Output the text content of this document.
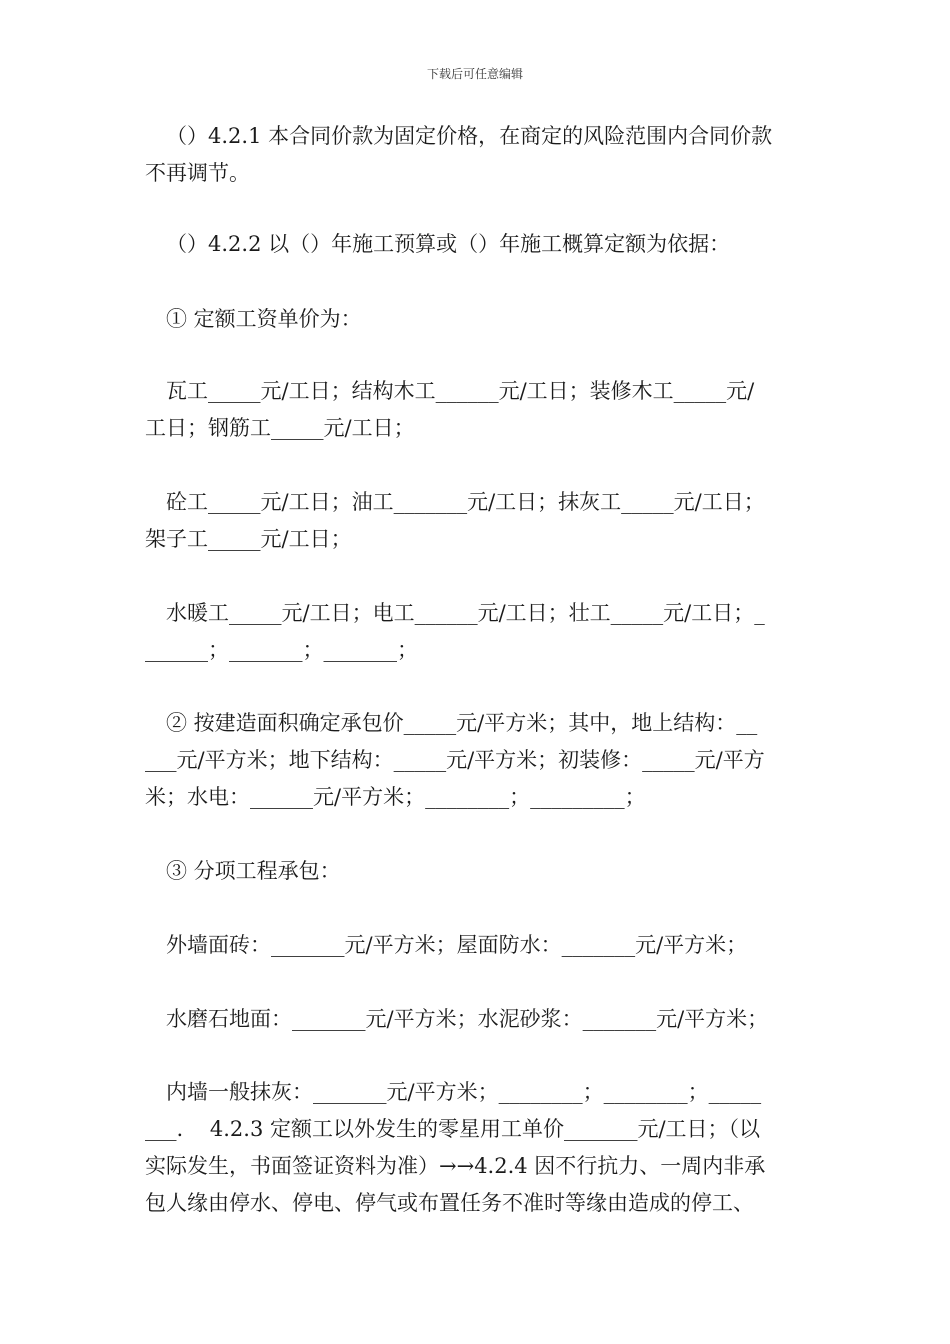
下载后可任意编辑
（）4.2.1 本合同价款为固定价格，在商定的风险范围内合同价款
不再调节。
（）4.2.2 以（）年施工预算或（）年施工概算定额为依据：
① 定额工资单价为：
瓦工_____元/工日；结构木工______元/工日；装修木工_____元/
工日；钢筋工_____元/工日；
砼工_____元/工日；油工_______元/工日；抹灰工_____元/工日；
架子工_____元/工日；
水暖工_____元/工日；电工______元/工日；壮工_____元/工日；_
______；_______；_______；
② 按建造面积确定承包价_____元/平方米；其中，地上结构：__
___元/平方米；地下结构：_____元/平方米；初装修：_____元/平方
米；水电：______元/平方米；________；_________；
③ 分项工程承包：
外墙面砖：_______元/平方米；屋面防水：_______元/平方米；
水磨石地面：_______元/平方米；水泥砂浆：_______元/平方米；
内墙一般抹灰：_______元/平方米；________；________；_____
___.    4.2.3 定额工以外发生的零星用工单价_______元/工日；（以
实际发生，书面签证资料为准）→→4.2.4 因不行抗力、一周内非承
包人缘由停水、停电、停气或布置任务不准时等缘由造成的停工、
